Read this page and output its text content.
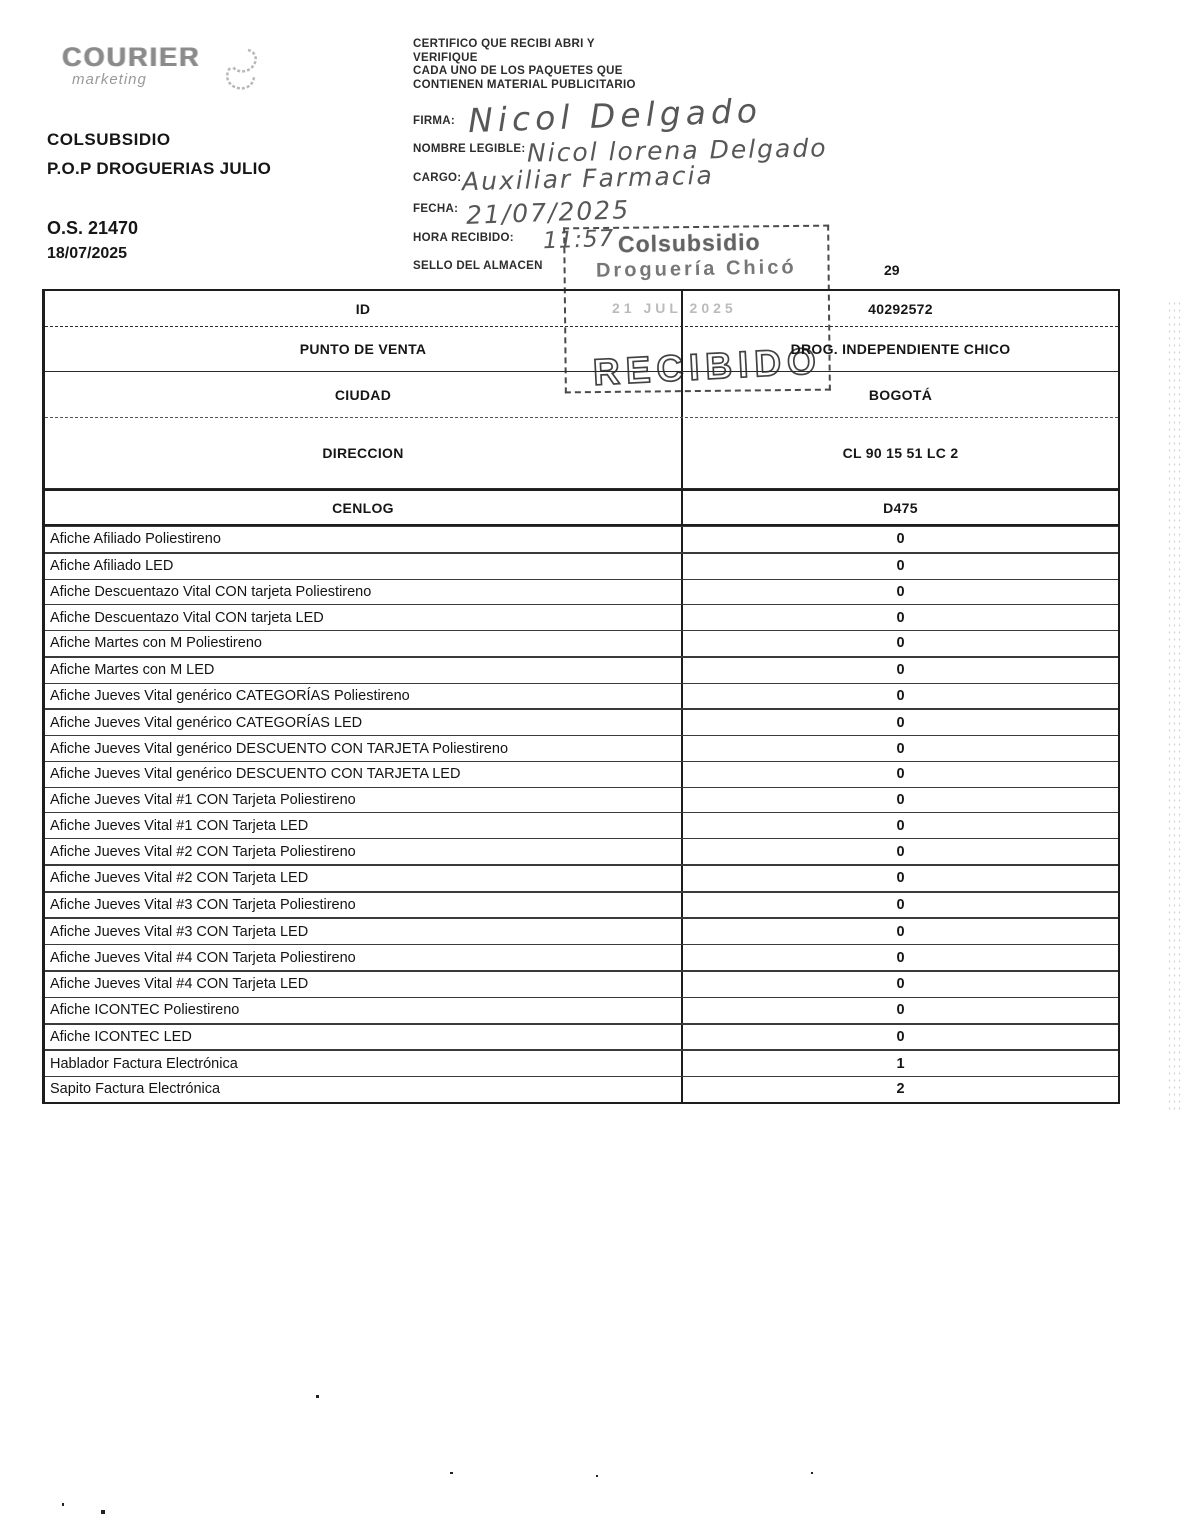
COURIER
marketing
COLSUBSIDIO
P.O.P DROGUERIAS JULIO
O.S. 21470
18/07/2025
CERTIFICO QUE RECIBI ABRI Y
VERIFIQUE
CADA UNO DE LOS PAQUETES QUE
CONTIENEN MATERIAL PUBLICITARIO
FIRMA:
NOMBRE LEGIBLE:
CARGO:
FECHA:
HORA RECIBIDO:
SELLO DEL ALMACEN
Nicol Delgado
Nicol lorena Delgado
Auxiliar Farmacia
21/07/2025
11:57 Colsubsidio
Droguería Chicó
21 JUL 2025
RECIBIDO
29
ID	40292572
PUNTO DE VENTA	DROG. INDEPENDIENTE CHICO
CIUDAD	BOGOTÁ
DIRECCION	CL 90 15 51 LC 2
CENLOG	D475
Afiche Afiliado Poliestireno	0
Afiche Afiliado LED	0
Afiche Descuentazo Vital CON tarjeta Poliestireno	0
Afiche Descuentazo Vital CON tarjeta LED	0
Afiche Martes con M Poliestireno	0
Afiche Martes con M LED	0
Afiche Jueves Vital genérico CATEGORÍAS Poliestireno	0
Afiche Jueves Vital genérico CATEGORÍAS LED	0
Afiche Jueves Vital genérico DESCUENTO CON TARJETA Poliestireno	0
Afiche Jueves Vital genérico DESCUENTO CON TARJETA LED	0
Afiche Jueves Vital #1 CON Tarjeta Poliestireno	0
Afiche Jueves Vital #1 CON Tarjeta LED	0
Afiche Jueves Vital #2 CON Tarjeta Poliestireno	0
Afiche Jueves Vital #2 CON Tarjeta LED	0
Afiche Jueves Vital #3 CON Tarjeta Poliestireno	0
Afiche Jueves Vital #3 CON Tarjeta LED	0
Afiche Jueves Vital #4 CON Tarjeta Poliestireno	0
Afiche Jueves Vital #4 CON Tarjeta LED	0
Afiche ICONTEC Poliestireno	0
Afiche ICONTEC LED	0
Hablador Factura Electrónica	1
Sapito Factura Electrónica	2
